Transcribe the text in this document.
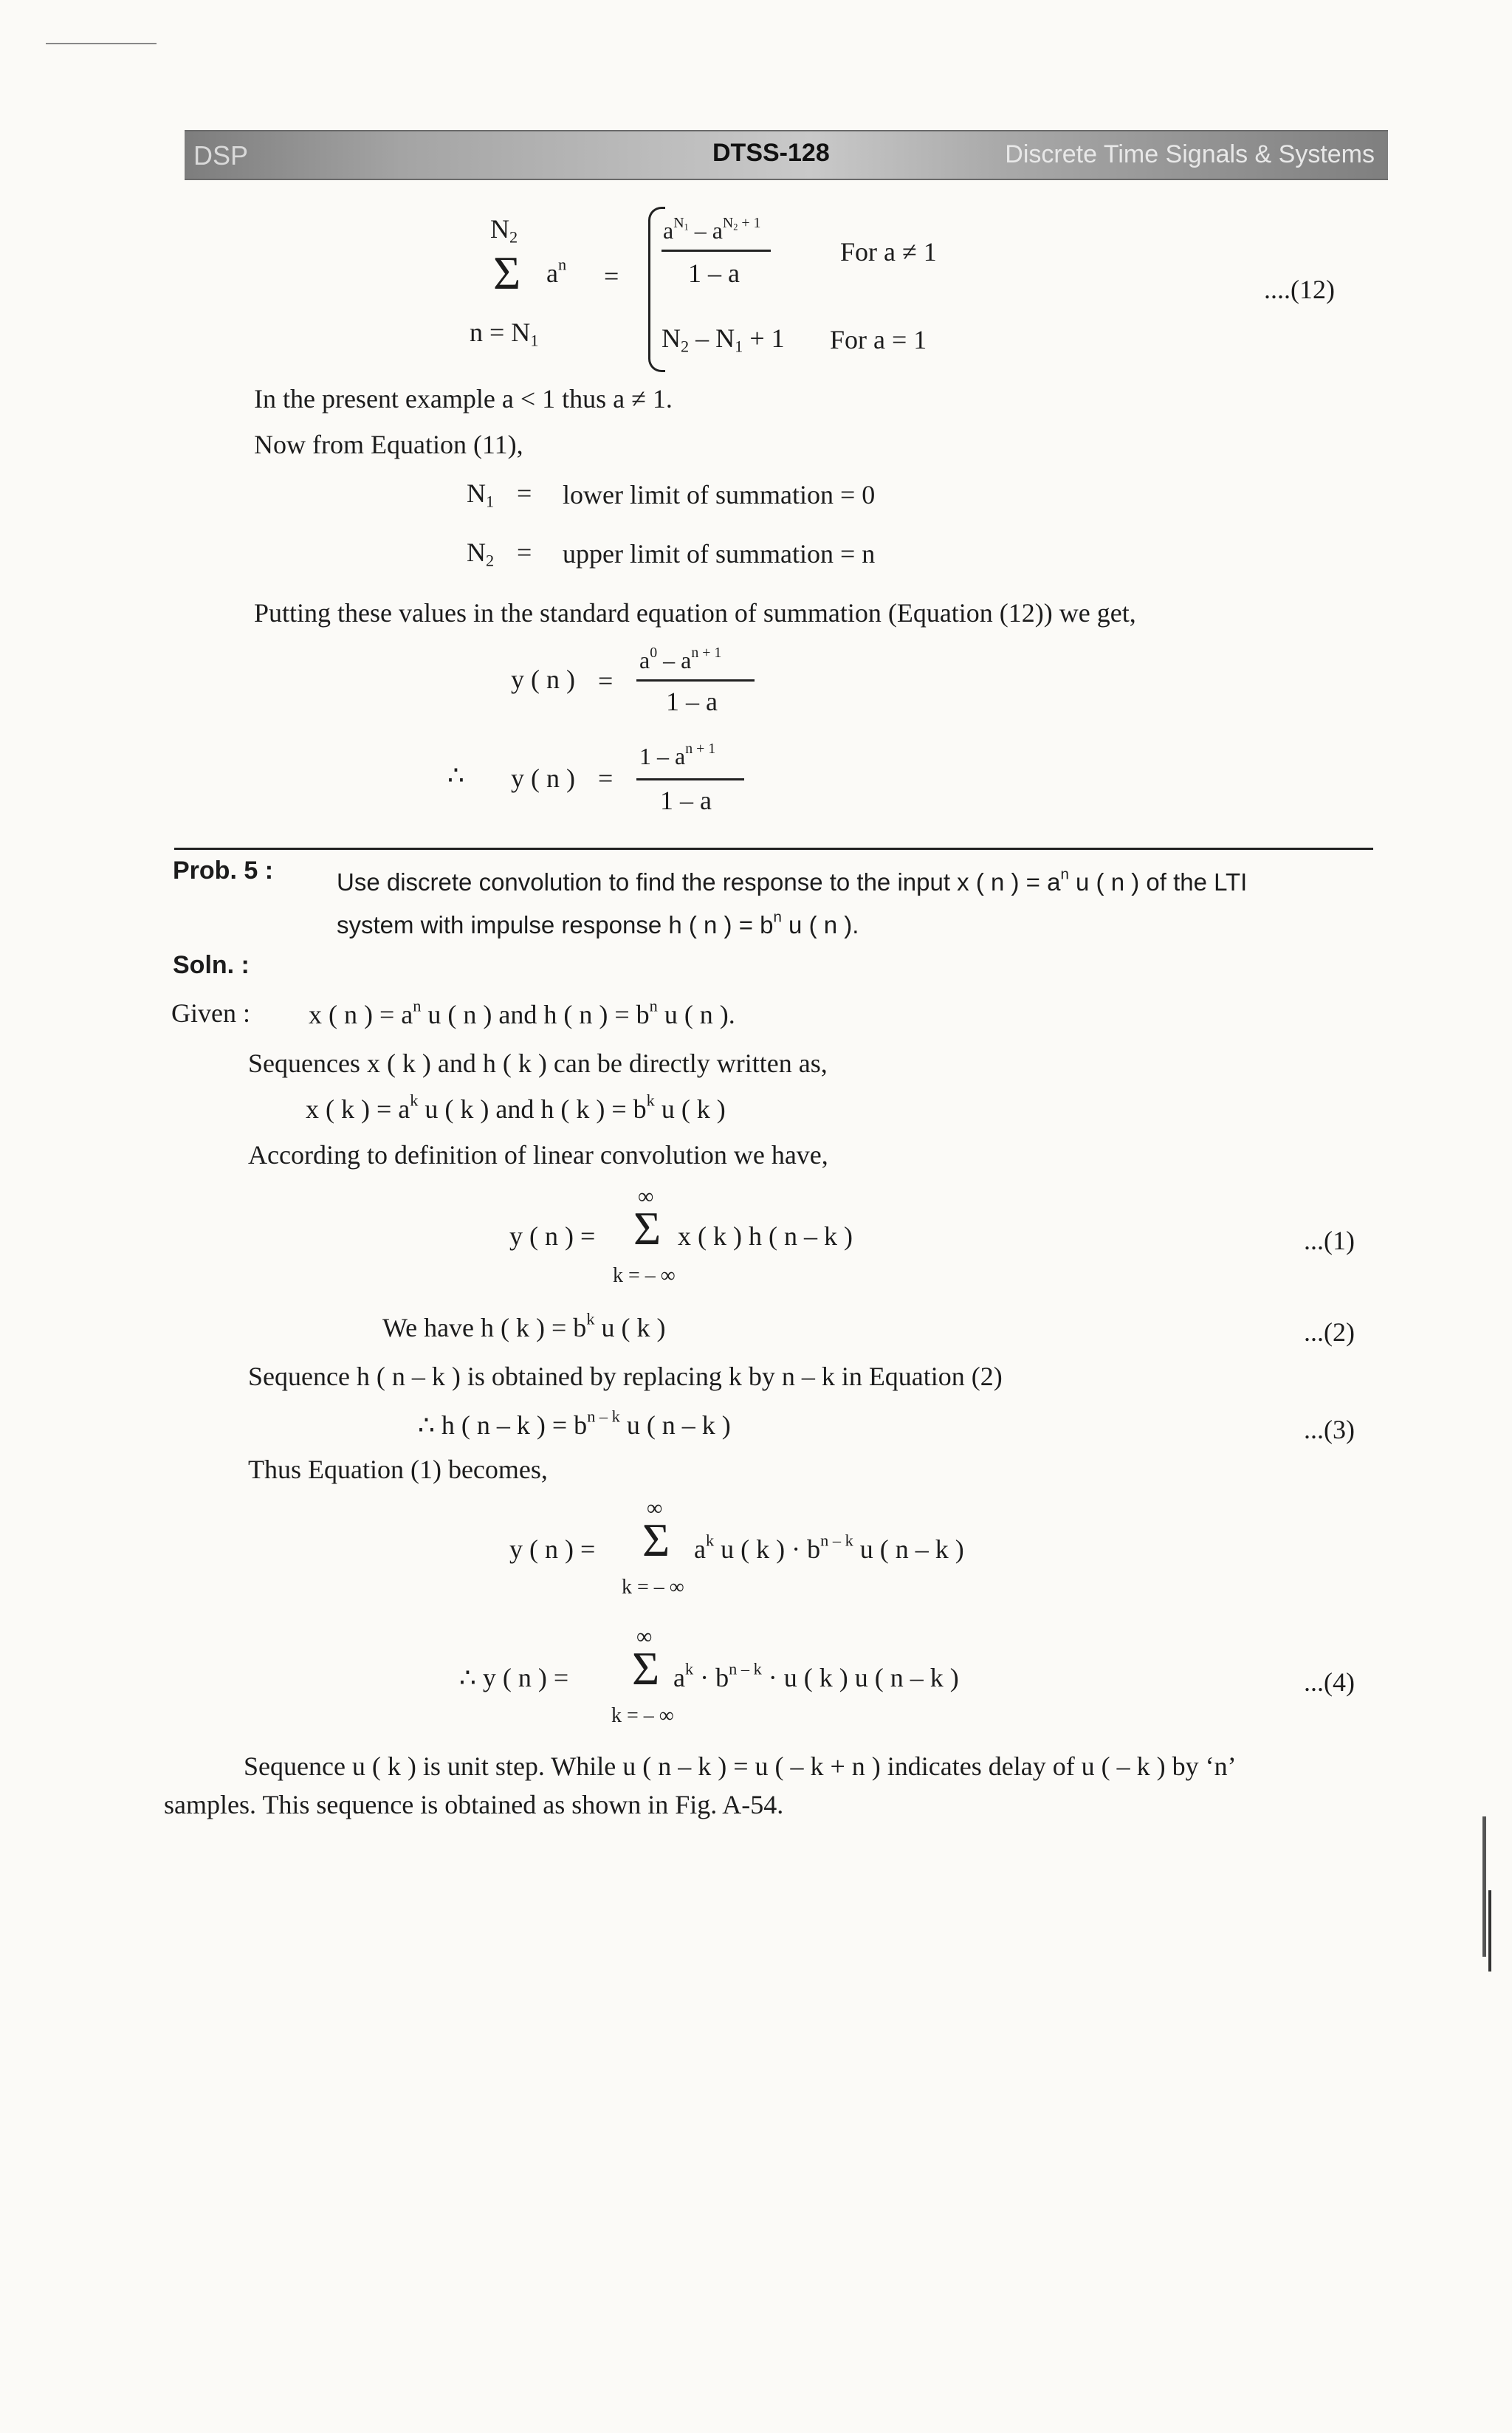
DSP	DTSS-128	Discrete Time Signals & Systems
$N_2$
Σ $a^n$ =
$n = N_1$
$a^{N_1} - a^{N_2 + 1}$
1 – a
For a ≠ 1
$N_2 - N_1 + 1$ For a = 1
....(12)
In the present example a < 1 thus a ≠ 1.
Now from Equation (11),
$N_1$ = lower limit of summation = 0
$N_2$ = upper limit of summation = n
Putting these values in the standard equation of summation (Equation (12)) we get,
y ( n ) =
$a^0 - a^{n + 1}$
1 – a
∴ y ( n ) =
$1 - a^{n + 1}$
1 – a
Prob. 5 :	Use discrete convolution to find the response to the input x ( n ) = $a^n$ u ( n ) of the LTI
system with impulse response h ( n ) = $b^n$ u ( n ).
Soln. :
Given : x ( n ) = $a^n$ u ( n ) and h ( n ) = $b^n$ u ( n ).
Sequences x ( k ) and h ( k ) can be directly written as,
x ( k ) = $a^k$ u ( k ) and h ( k ) = $b^k$ u ( k )
According to definition of linear convolution we have,
y ( n ) =
∞
Σ
k = – ∞
x ( k ) h ( n – k )	...(1)
We have h ( k ) = $b^k$ u ( k )	...(2)
Sequence h ( n – k ) is obtained by replacing k by n – k in Equation (2)
∴ h ( n – k ) = $b^{n - k}$ u ( n – k )	...(3)
Thus Equation (1) becomes,
y ( n ) =
∞
Σ
k = – ∞
$a^k$ u ( k ) · $b^{n - k}$ u ( n – k )
∴ y ( n ) =
∞
Σ
k = – ∞
$a^k \cdot b^{n - k} \cdot u$ ( k ) u ( n – k )	...(4)
Sequence u ( k ) is unit step. While u ( n – k ) = u ( – k + n ) indicates delay of u ( – k ) by ‘n’
samples. This sequence is obtained as shown in Fig. A-54.
